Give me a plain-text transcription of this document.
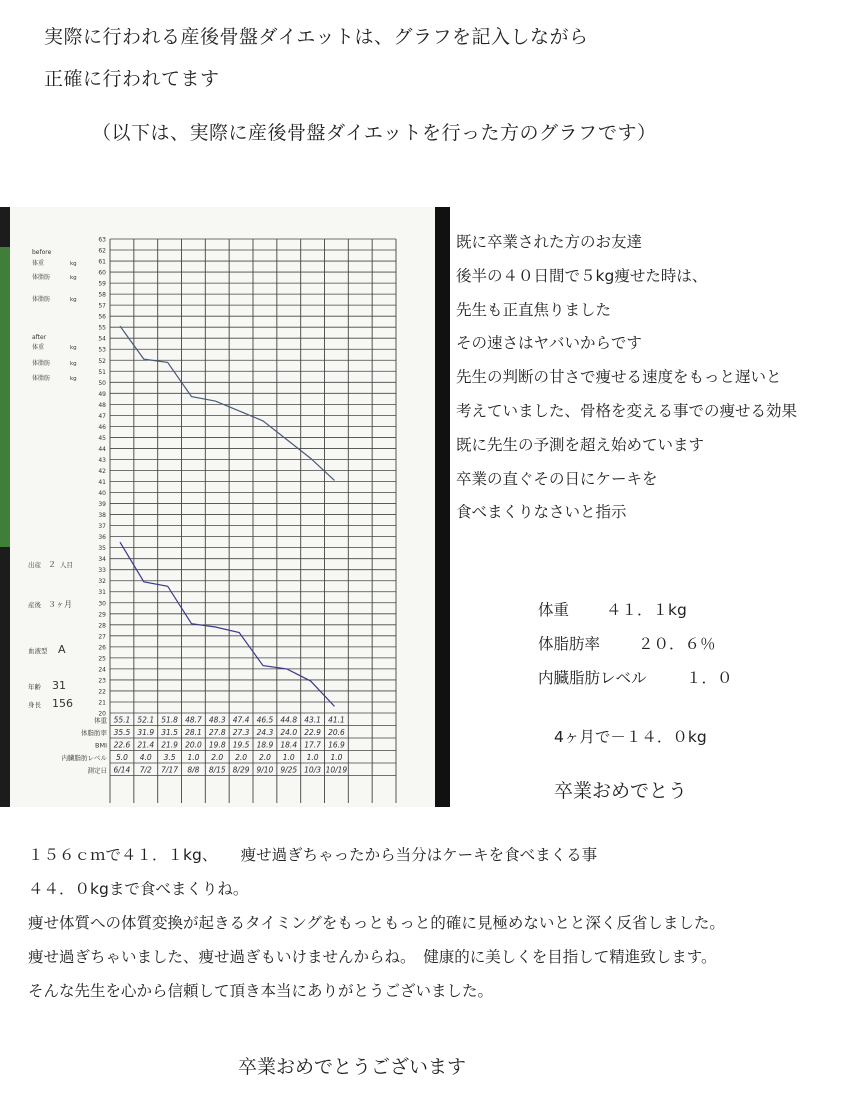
実際に行われる産後骨盤ダイエットは、グラフを記入しながら
正確に行われてます
（以下は、実際に産後骨盤ダイエットを行った方のグラフです）
20
21
22
23
24
25
26
27
28
29
30
31
32
33
34
35
36
37
38
39
40
41
42
43
44
45
46
47
48
49
50
51
52
53
54
55
56
57
58
59
60
61
62
63
before
体重	kg
体脂肪	kg
体脂肪	kg
after
体重	kg
体脂肪	kg
体脂肪	kg
出産 ２ 人目
産後 ３ヶ月
血液型 A
年齢 31
身長 156
体重 55.1 52.1 51.8 48.7 48.3 47.4 46.5 44.8 43.1 41.1
体脂肪率 35.5 31.9 31.5 28.1 27.8 27.3 24.3 24.0 22.9 20.6
BMI 22.6 21.4 21.9 20.0 19.8 19.5 18.9 18.4 17.7 16.9
内臓脂肪レベル 5.0 4.0 3.5 1.0 2.0 2.0 2.0 1.0 1.0 1.0
測定日 6/14 7/2 7/17 8/8 8/15 8/29 9/10 9/25 10/3 10/19
既に卒業された方のお友達
後半の４０日間で５kg痩せた時は、
先生も正直焦りました
その速さはヤバいからです
先生の判断の甘さで痩せる速度をもっと遅いと
考えていました、骨格を変える事での痩せる効果
既に先生の予測を超え始めています
卒業の直ぐその日にケーキを
食べまくりなさいと指示
体重 ４１．１kg
体脂肪率 ２０．６％
内臓脂肪レベル	１．０
4ヶ月で－１４．０kg
卒業おめでとう
１５６ｃｍで４１．１kg、　　痩せ過ぎちゃったから当分はケーキを食べまくる事
４４．０kgまで食べまくりね。
痩せ体質への体質変換が起きるタイミングをもっともっと的確に見極めないとと深く反省しました。
痩せ過ぎちゃいました、痩せ過ぎもいけませんからね。　健康的に美しくを目指して精進致します。
そんな先生を心から信頼して頂き本当にありがとうございました。
卒業おめでとうございます
